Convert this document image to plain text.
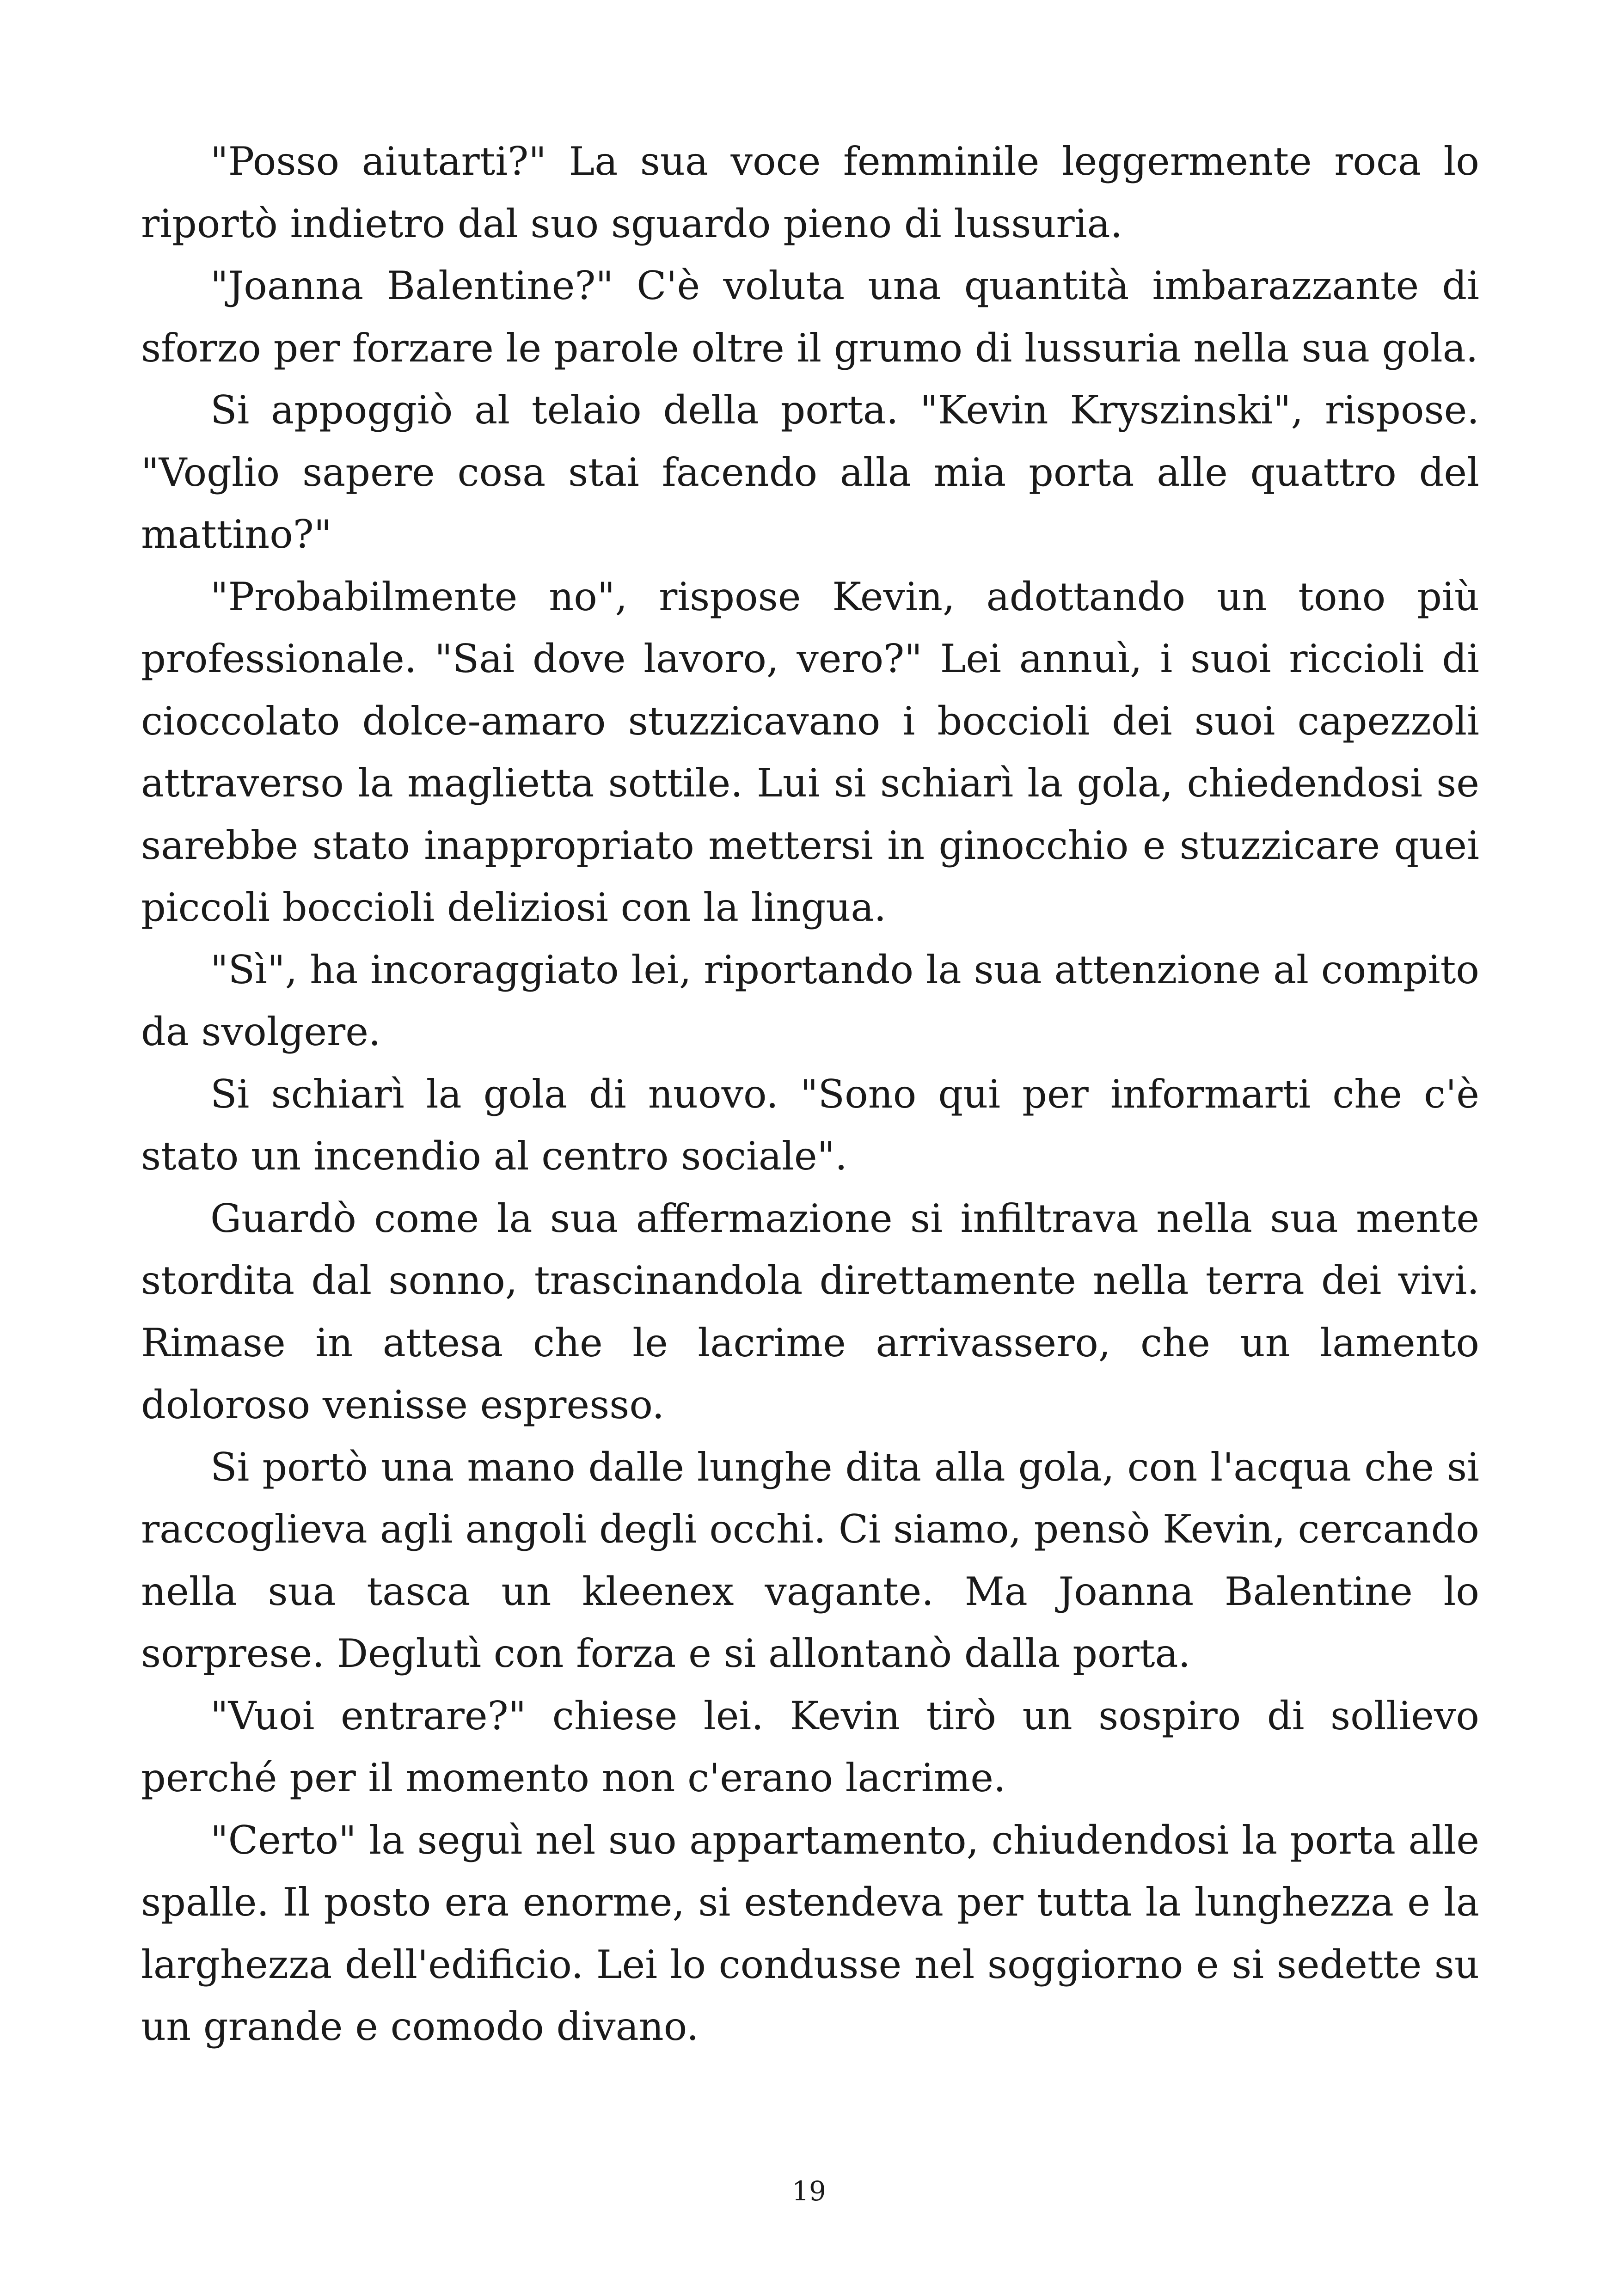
"Posso aiutarti?" La sua voce femminile leggermente roca lo riportò indietro dal suo sguardo pieno di lussuria.

"Joanna Balentine?" C'è voluta una quantità imbarazzante di sforzo per forzare le parole oltre il grumo di lussuria nella sua gola.

Si appoggiò al telaio della porta. "Kevin Kryszinski", rispose. "Voglio sapere cosa stai facendo alla mia porta alle quattro del mattino?"

"Probabilmente no", rispose Kevin, adottando un tono più professionale. "Sai dove lavoro, vero?" Lei annuì, i suoi riccioli di cioccolato dolce-amaro stuzzicavano i boccioli dei suoi capezzoli attraverso la maglietta sottile. Lui si schiarì la gola, chiedendosi se sarebbe stato inappropriato mettersi in ginocchio e stuzzicare quei piccoli boccioli deliziosi con la lingua.

"Sì", ha incoraggiato lei, riportando la sua attenzione al compito da svolgere.

Si schiarì la gola di nuovo. "Sono qui per informarti che c'è stato un incendio al centro sociale".

Guardò come la sua affermazione si infiltrava nella sua mente stordita dal sonno, trascinandola direttamente nella terra dei vivi. Rimase in attesa che le lacrime arrivassero, che un lamento doloroso venisse espresso.

Si portò una mano dalle lunghe dita alla gola, con l'acqua che si raccoglieva agli angoli degli occhi. Ci siamo, pensò Kevin, cercando nella sua tasca un kleenex vagante. Ma Joanna Balentine lo sorprese. Deglutì con forza e si allontanò dalla porta.

"Vuoi entrare?" chiese lei. Kevin tirò un sospiro di sollievo perché per il momento non c'erano lacrime.

"Certo" la seguì nel suo appartamento, chiudendosi la porta alle spalle. Il posto era enorme, si estendeva per tutta la lunghezza e la larghezza dell'edificio. Lei lo condusse nel soggiorno e si sedette su un grande e comodo divano.

19
